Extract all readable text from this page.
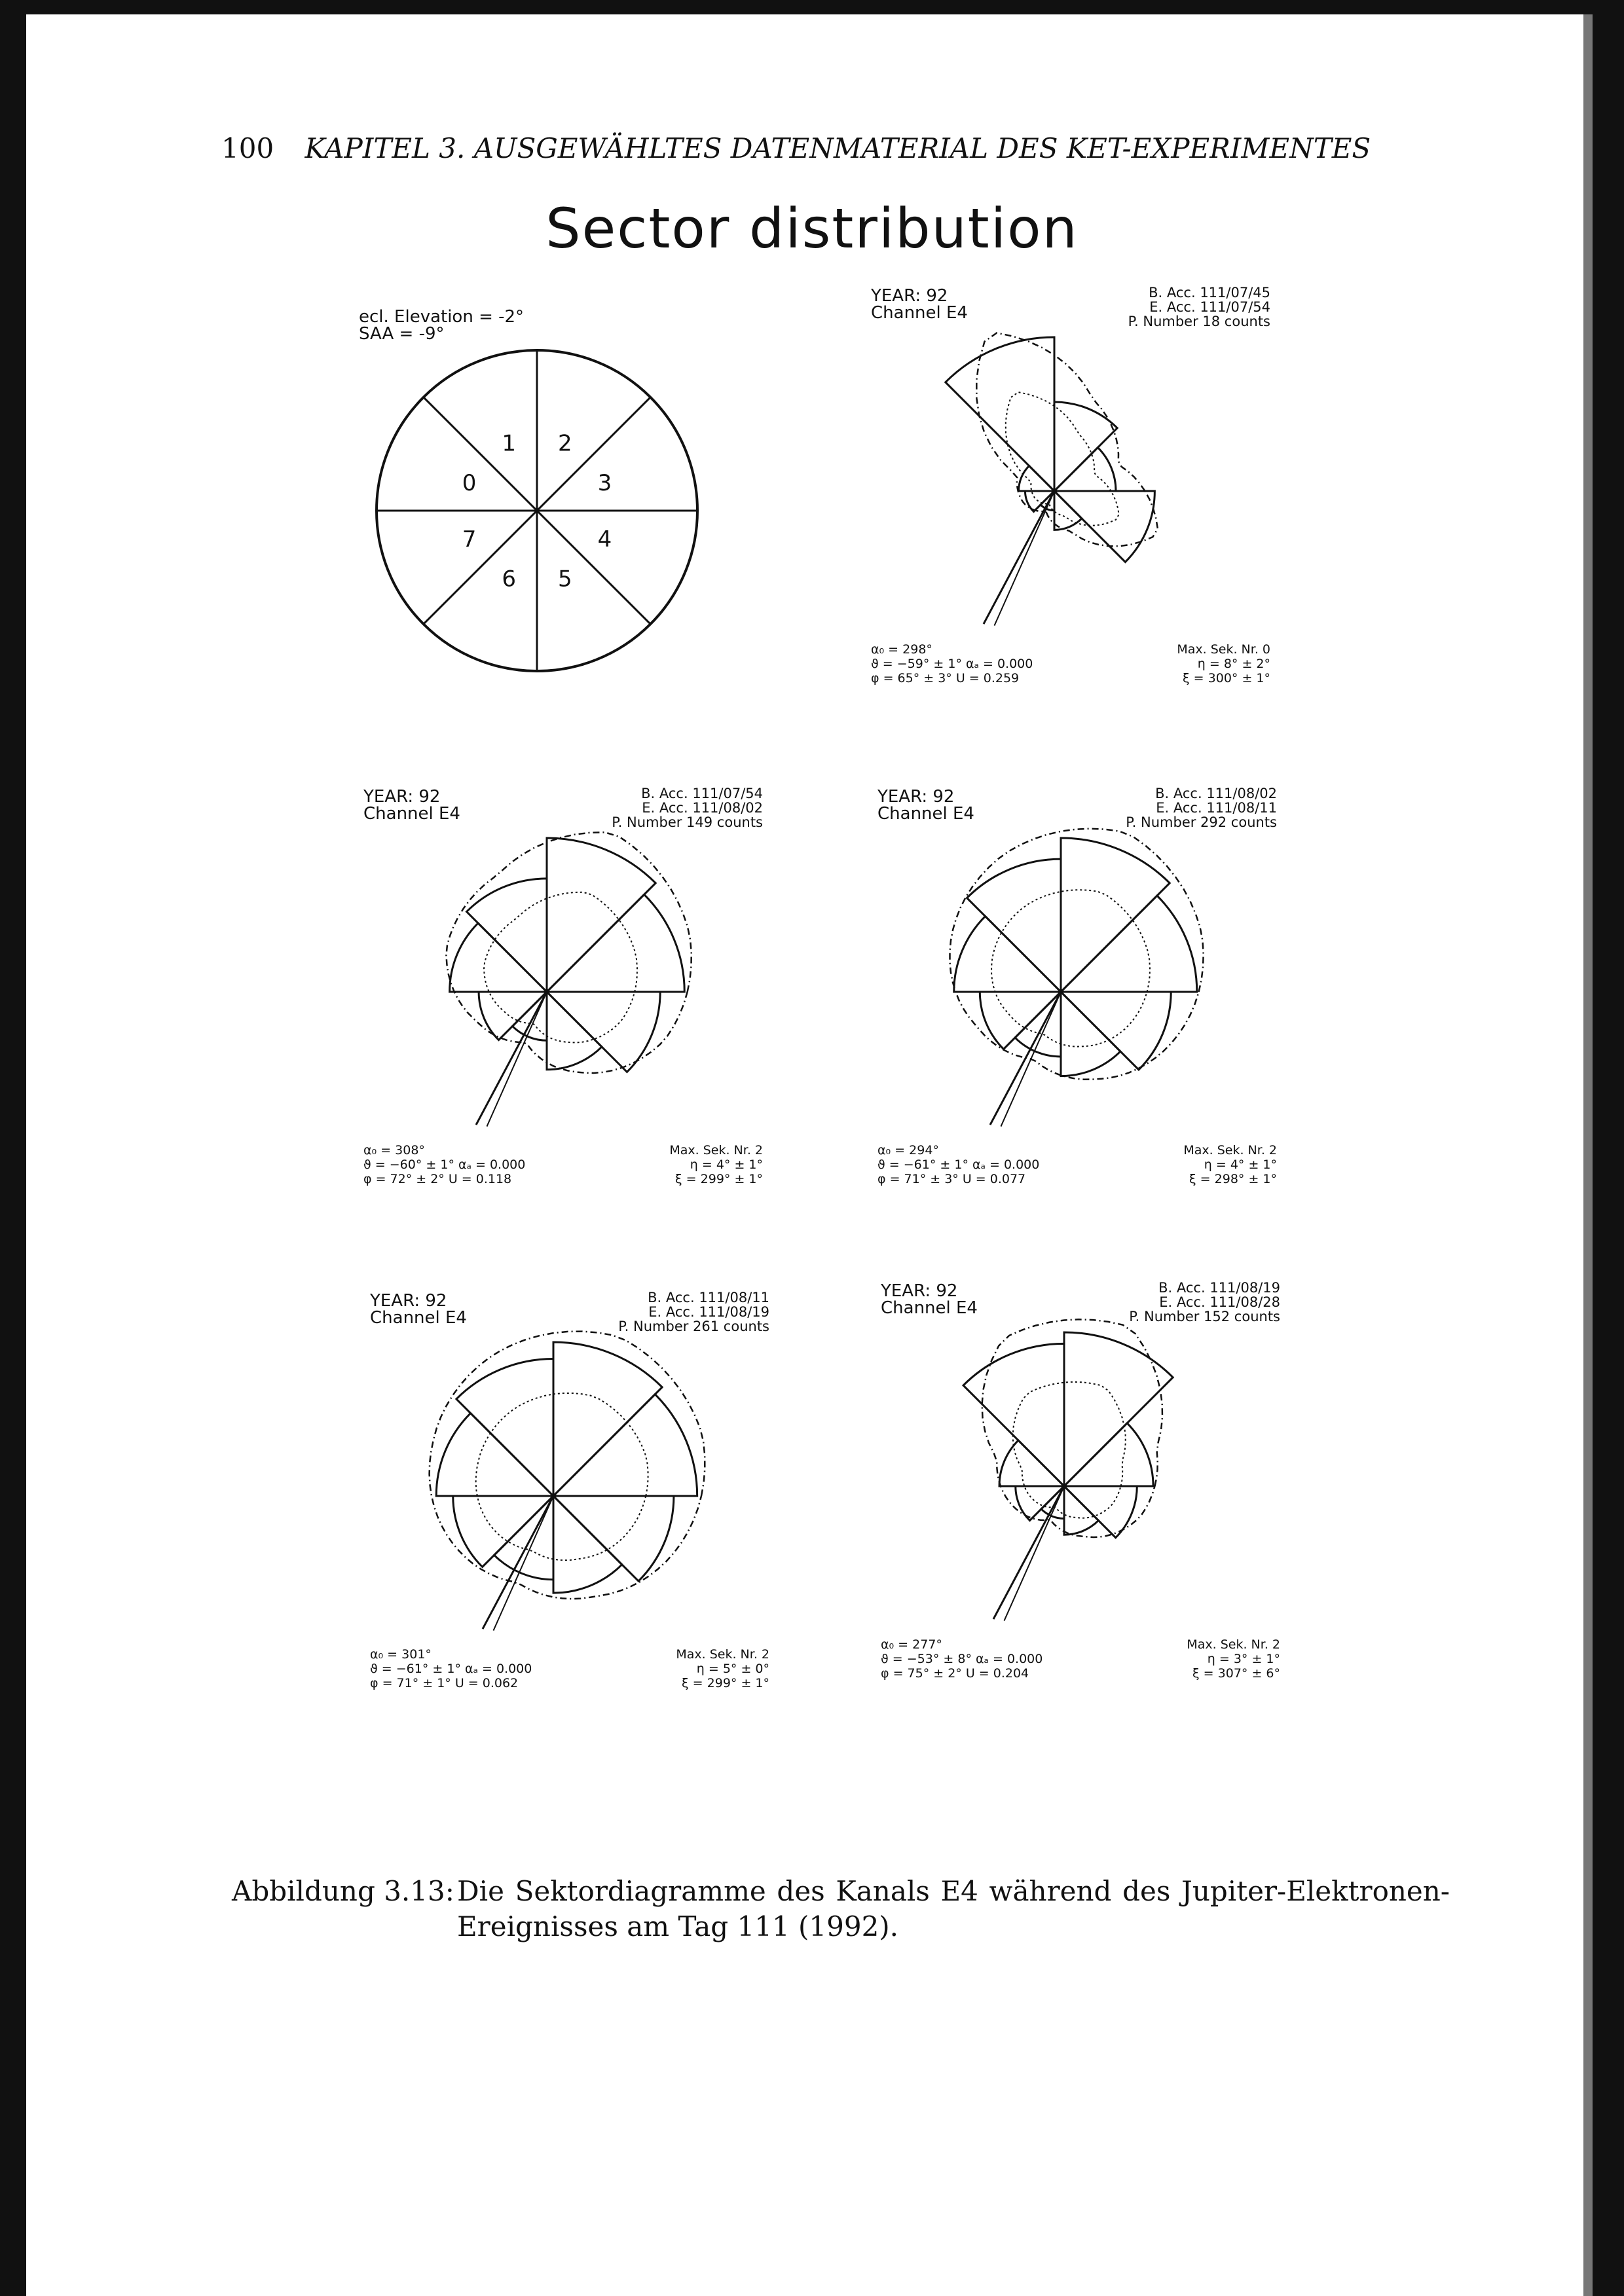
100 KAPITEL 3. AUSGEWÄHLTES DATENMATERIAL DES KET-EXPERIMENTES
Sector distribution
ecl. Elevation = -2°
SAA = -9°
0
1 2
3
4
5
6
7
YEAR: 92
Channel E4
B. Acc. 111/07/45
E. Acc. 111/07/54
P. Number 18 counts
α₀ = 298°
ϑ = −59° ± 1° αₐ = 0.000
φ = 65° ± 3° U = 0.259
Max. Sek. Nr. 0
η = 8° ± 2°
ξ = 300° ± 1°
YEAR: 92
Channel E4
B. Acc. 111/07/54
E. Acc. 111/08/02
P. Number 149 counts
α₀ = 308°
ϑ = −60° ± 1° αₐ = 0.000
φ = 72° ± 2° U = 0.118
Max. Sek. Nr. 2
η = 4° ± 1°
ξ = 299° ± 1°
YEAR: 92
Channel E4
B. Acc. 111/08/02
E. Acc. 111/08/11
P. Number 292 counts
α₀ = 294°
ϑ = −61° ± 1° αₐ = 0.000
φ = 71° ± 3° U = 0.077
Max. Sek. Nr. 2
η = 4° ± 1°
ξ = 298° ± 1°
YEAR: 92
Channel E4
B. Acc. 111/08/11
E. Acc. 111/08/19
P. Number 261 counts
α₀ = 301°
ϑ = −61° ± 1° αₐ = 0.000
φ = 71° ± 1° U = 0.062
Max. Sek. Nr. 2
η = 5° ± 0°
ξ = 299° ± 1°
YEAR: 92
Channel E4
B. Acc. 111/08/19
E. Acc. 111/08/28
P. Number 152 counts
α₀ = 277°
ϑ = −53° ± 8° αₐ = 0.000
φ = 75° ± 2° U = 0.204
Max. Sek. Nr. 2
η = 3° ± 1°
ξ = 307° ± 6°
Abbildung 3.13: Die Sektordiagramme des Kanals E4 während des Jupiter-Elektronen-Ereignisses am Tag 111 (1992).
